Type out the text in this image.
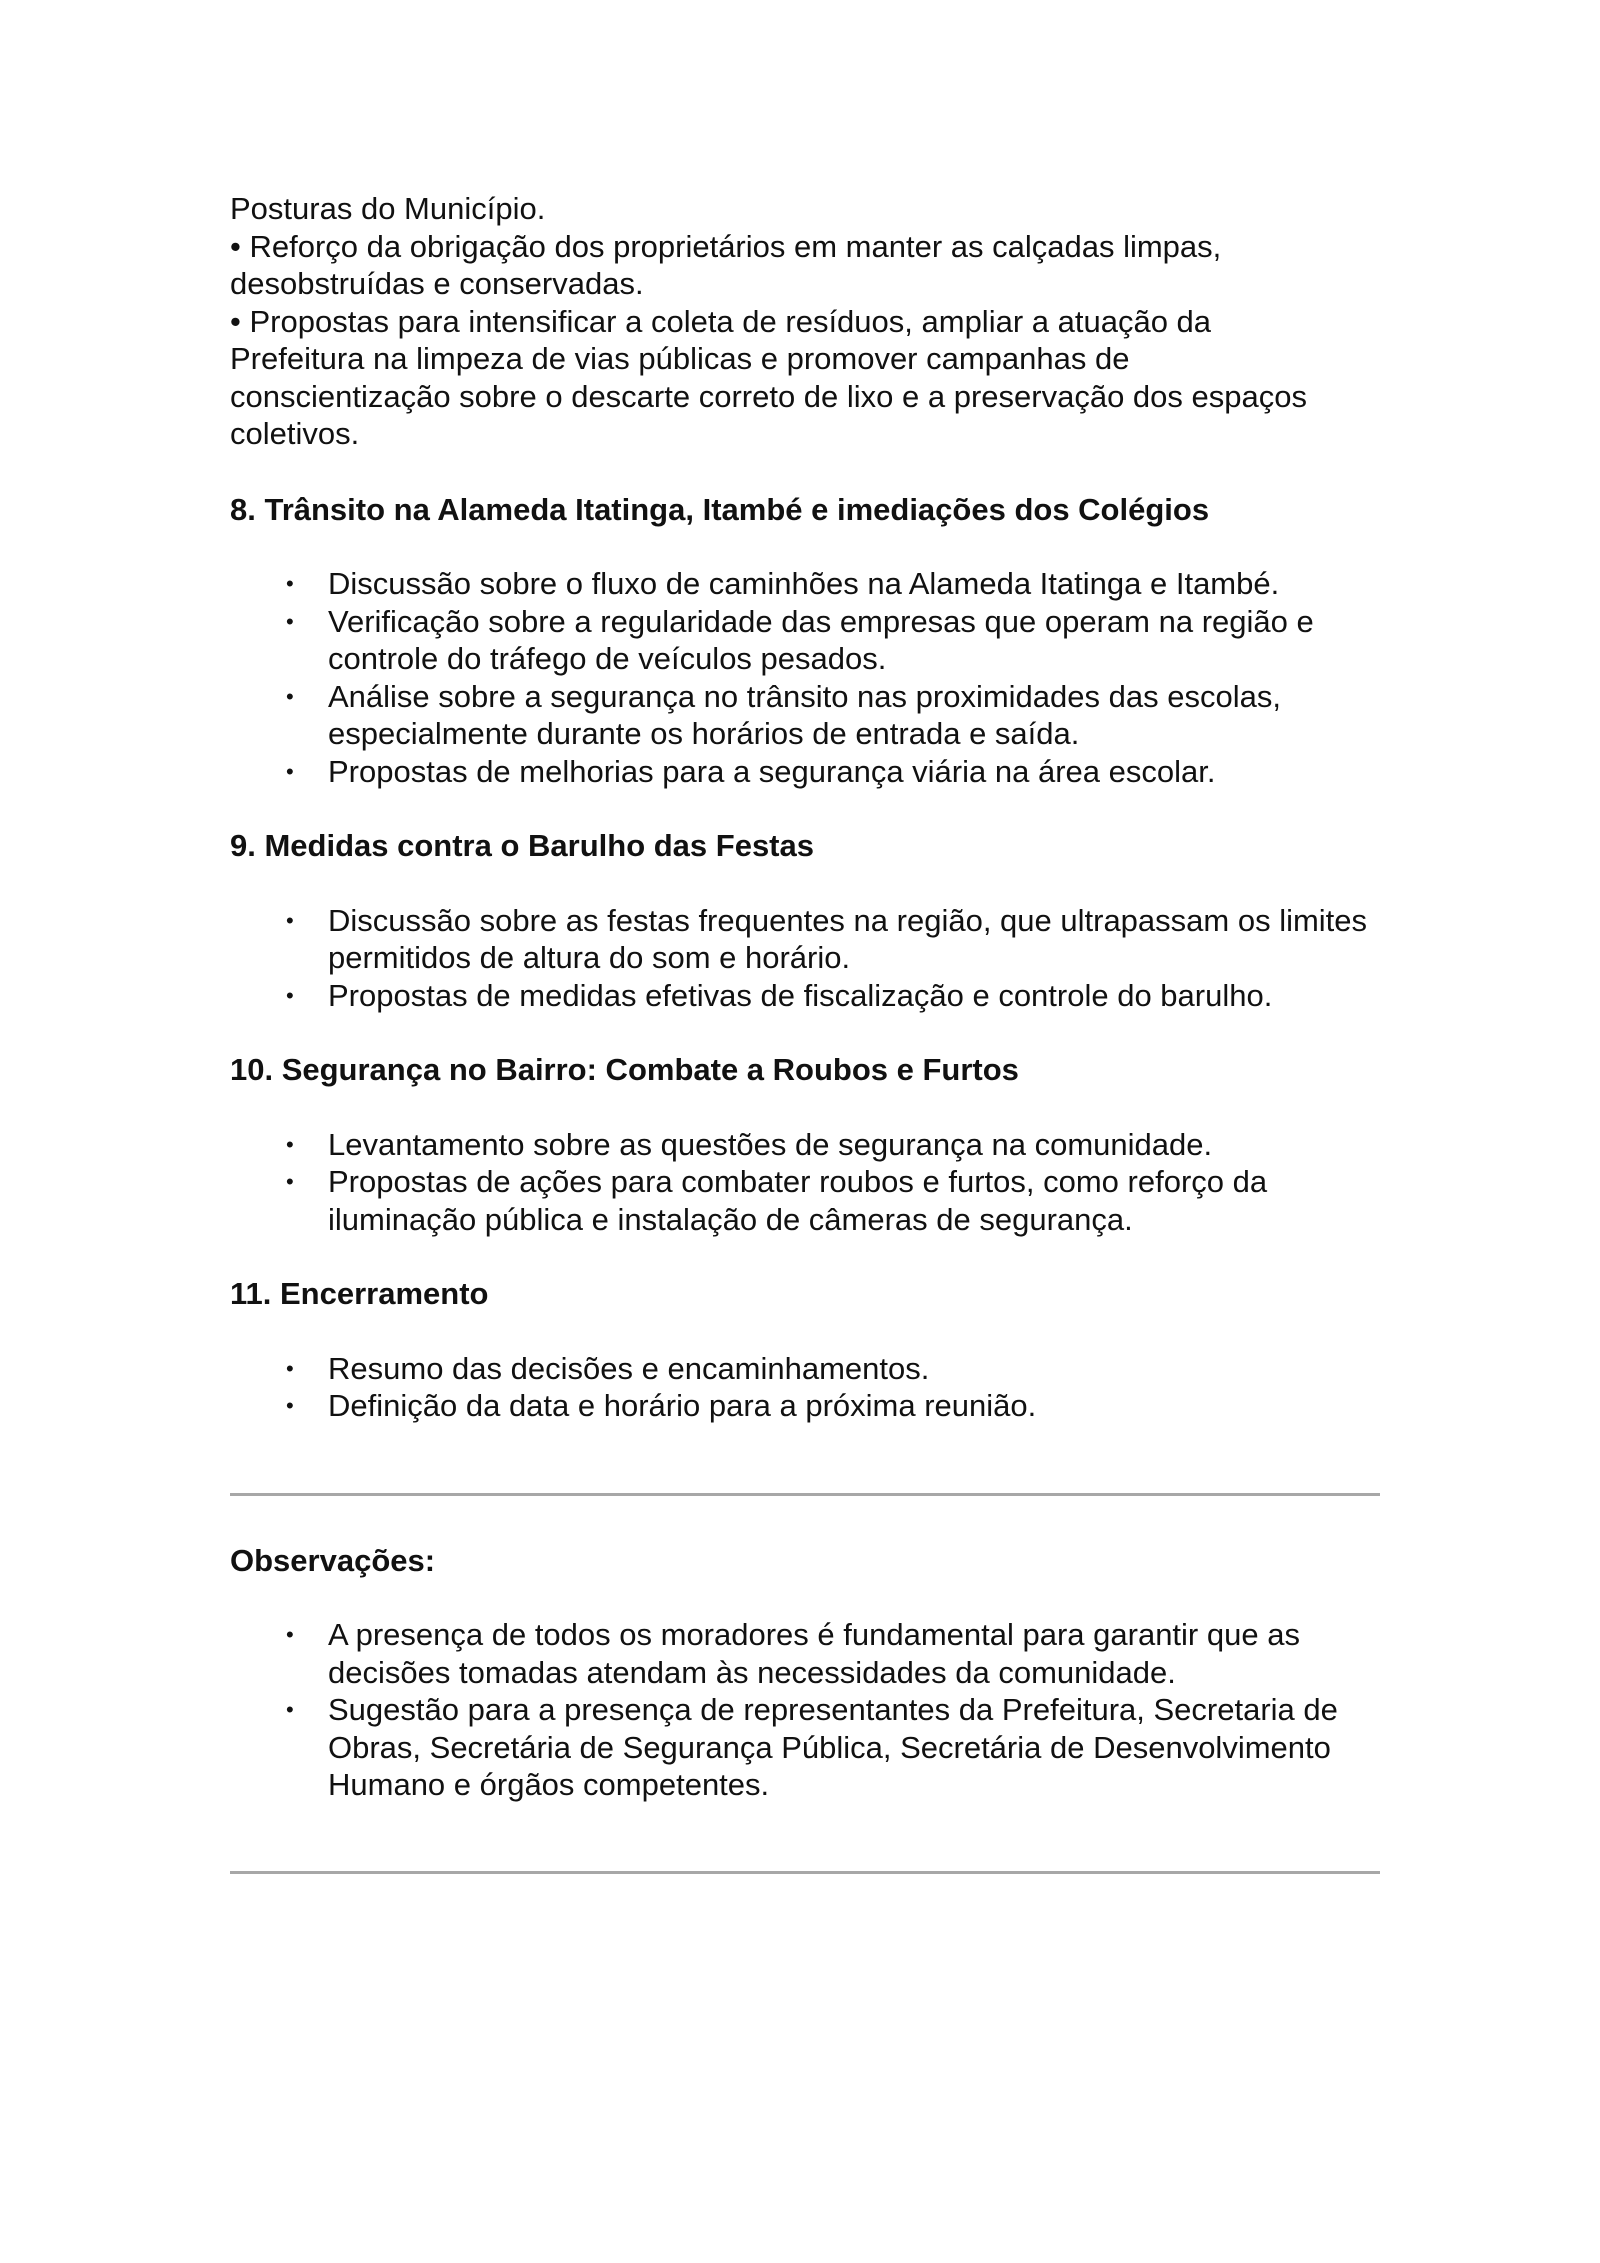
Posturas do Município.

• Reforço da obrigação dos proprietários em manter as calçadas limpas,

desobstruídas e conservadas.

• Propostas para intensificar a coleta de resíduos, ampliar a atuação da

Prefeitura na limpeza de vias públicas e promover campanhas de

conscientização sobre o descarte correto de lixo e a preservação dos espaços

coletivos.

8. Trânsito na Alameda Itatinga, Itambé e imediações dos Colégios
• Discussão sobre o fluxo de caminhões na Alameda Itatinga e Itambé.
• Verificação sobre a regularidade das empresas que operam na região e controle do tráfego de veículos pesados.
• Análise sobre a segurança no trânsito nas proximidades das escolas, especialmente durante os horários de entrada e saída.
• Propostas de melhorias para a segurança viária na área escolar.
9. Medidas contra o Barulho das Festas
• Discussão sobre as festas frequentes na região, que ultrapassam os limites permitidos de altura do som e horário.
• Propostas de medidas efetivas de fiscalização e controle do barulho.
10. Segurança no Bairro: Combate a Roubos e Furtos
• Levantamento sobre as questões de segurança na comunidade.
• Propostas de ações para combater roubos e furtos, como reforço da iluminação pública e instalação de câmeras de segurança.
11. Encerramento
• Resumo das decisões e encaminhamentos.
• Definição da data e horário para a próxima reunião.
Observações:
• A presença de todos os moradores é fundamental para garantir que as decisões tomadas atendam às necessidades da comunidade.
• Sugestão para a presença de representantes da Prefeitura, Secretaria de Obras, Secretária de Segurança Pública, Secretária de Desenvolvimento Humano e órgãos competentes.
